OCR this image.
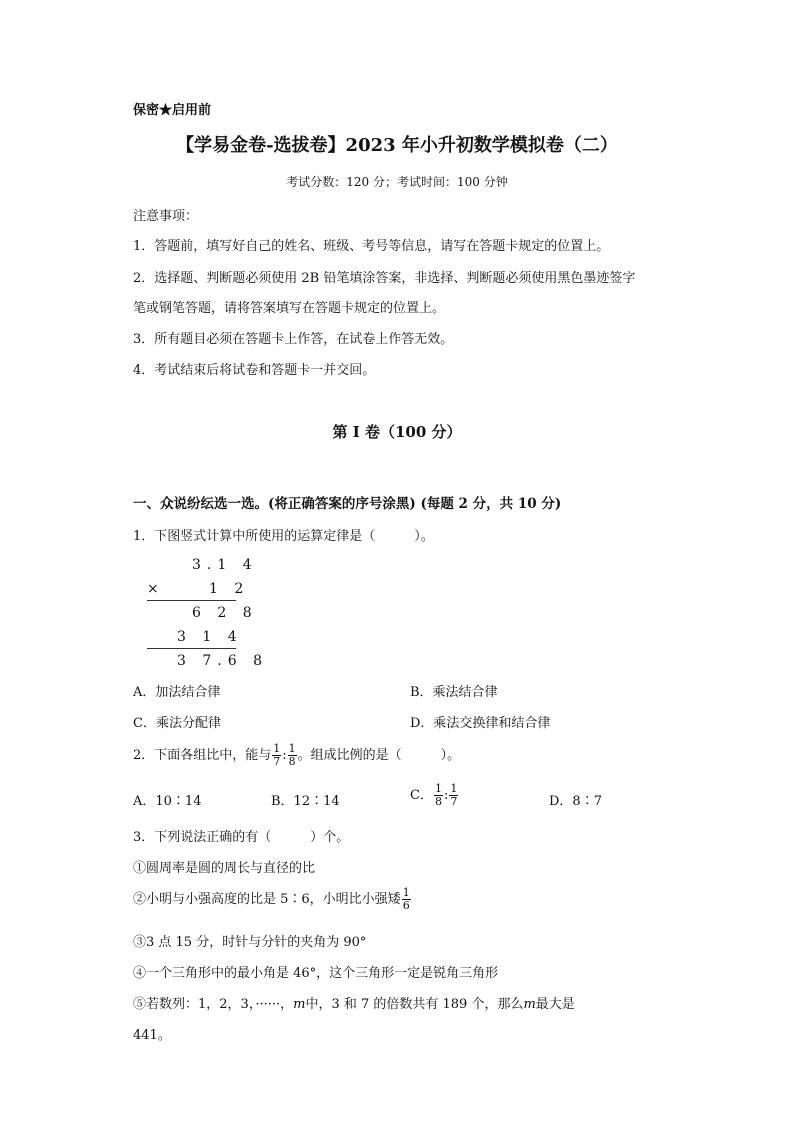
保密★启用前
【学易金卷-选拔卷】2023 年小升初数学模拟卷（二）
考试分数：120 分；考试时间：100 分钟
注意事项：
1．答题前，填写好自己的姓名、班级、考号等信息，请写在答题卡规定的位置上。
2．选择题、判断题必须使用 2B 铅笔填涂答案，非选择、判断题必须使用黑色墨迹签字
笔或钢笔答题，请将答案填写在答题卡规定的位置上。
3．所有题目必须在答题卡上作答，在试卷上作答无效。
4．考试结束后将试卷和答题卡一并交回。
第 I 卷（100 分）
一、众说纷纭选一选。(将正确答案的序号涂黑) (每题 2 分，共 10 分)
1．下图竖式计算中所使用的运算定律是（　　　）。
3.1 4
×	1 2
6 2 8
3 1 4
3 7.6 8
A．加法结合律	B．乘法结合律
C．乘法分配律	D．乘法交换律和结合律
2．下面各组比中，能与 $\frac{1}{7}$ : $\frac{1}{8}$ 。组成比例的是（　　　）。
A．10∶14	B．12∶14	C． $\frac{1}{8}$ : $\frac{1}{7}$	D．8∶7
3．下列说法正确的有（　　　）个。
①圆周率是圆的周长与直径的比
②小明与小强高度的比是 5∶6，小明比小强矮 $\frac{1}{6}$
③3 点 15 分，时针与分针的夹角为 90°
④一个三角形中的最小角是 46°，这个三角形一定是锐角三角形
⑤若数列：1，2，3，······，m中，3 和 7 的倍数共有 189 个，那么m最大是
441。
